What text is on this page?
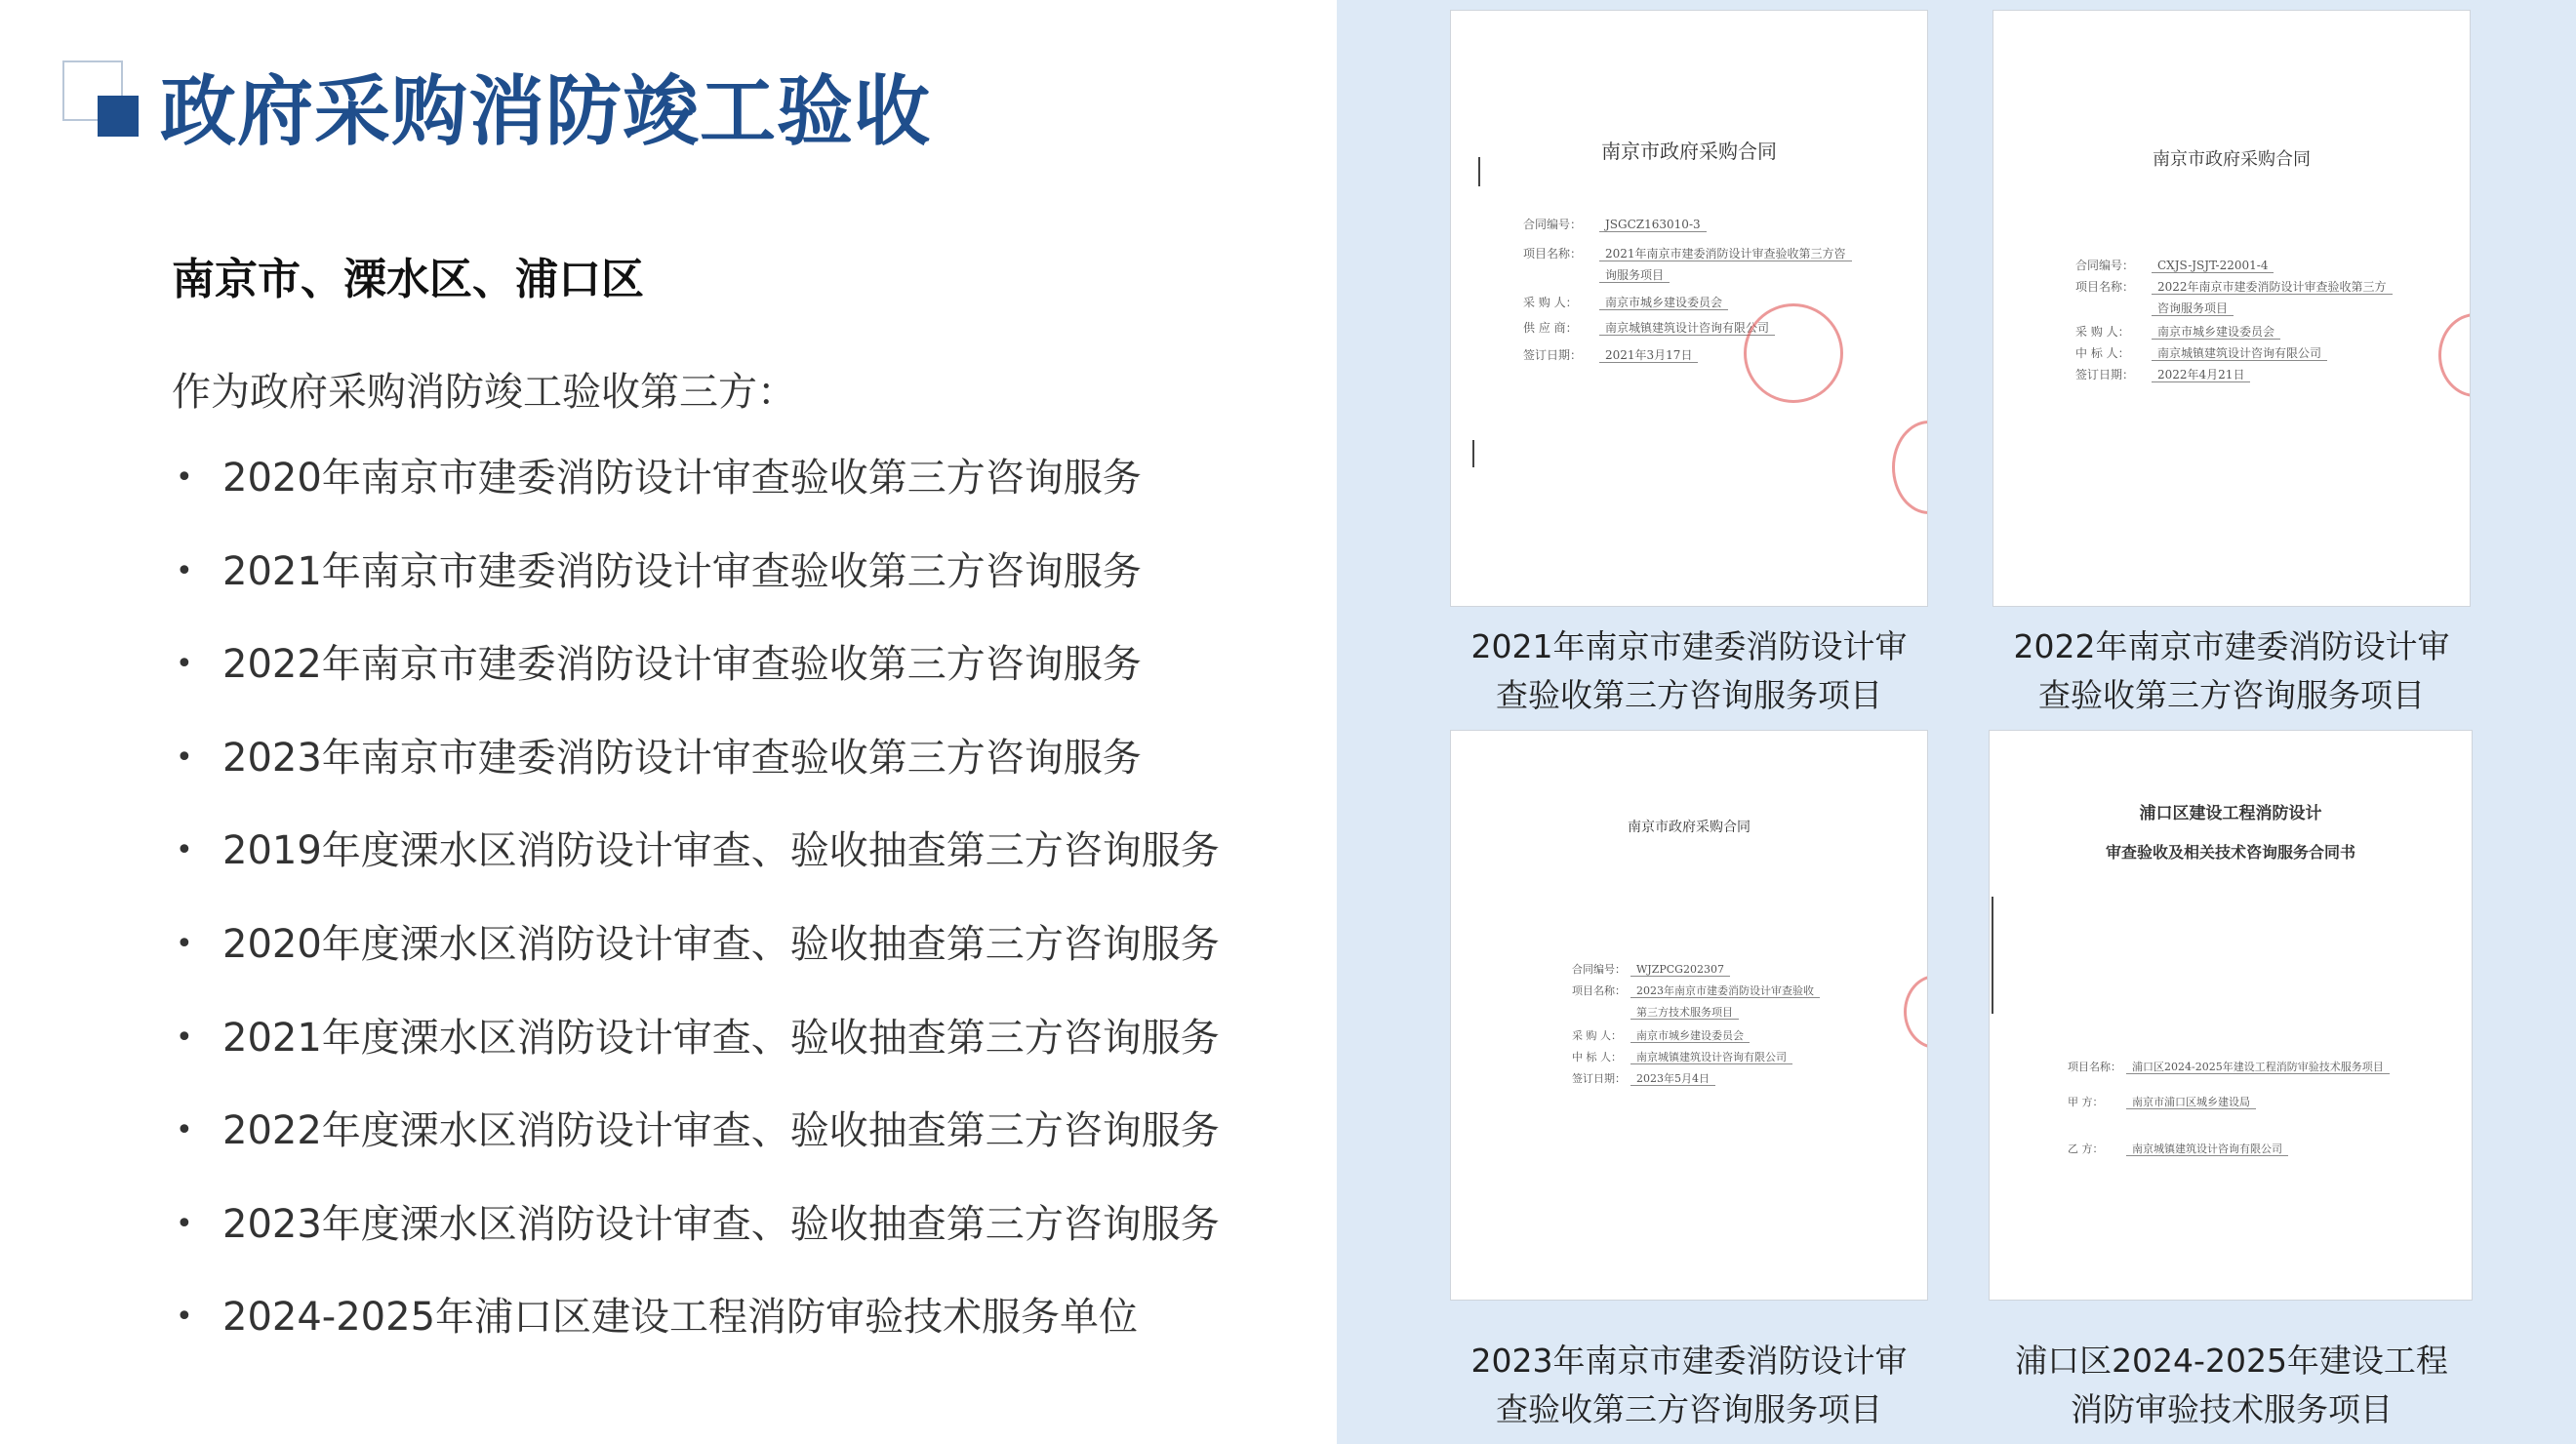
政府采购消防竣工验收
南京市、溧水区、浦口区
作为政府采购消防竣工验收第三方：
• 2020年南京市建委消防设计审查验收第三方咨询服务
• 2021年南京市建委消防设计审查验收第三方咨询服务
• 2022年南京市建委消防设计审查验收第三方咨询服务
• 2023年南京市建委消防设计审查验收第三方咨询服务
• 2019年度溧水区消防设计审查、验收抽查第三方咨询服务
• 2020年度溧水区消防设计审查、验收抽查第三方咨询服务
• 2021年度溧水区消防设计审查、验收抽查第三方咨询服务
• 2022年度溧水区消防设计审查、验收抽查第三方咨询服务
• 2023年度溧水区消防设计审查、验收抽查第三方咨询服务
• 2024-2025年浦口区建设工程消防审验技术服务单位
南京市政府采购合同
合同编号： JSGCZ163010-3
项目名称： 2021年南京市建委消防设计审查验收第三方咨
询服务项目
采 购 人： 南京市城乡建设委员会
供 应 商： 南京城镇建筑设计咨询有限公司
签订日期： 2021年3月17日
2021年南京市建委消防设计审
查验收第三方咨询服务项目
南京市政府采购合同
合同编号： CXJS-JSJT-22001-4
项目名称： 2022年南京市建委消防设计审查验收第三方
咨询服务项目
采 购 人： 南京市城乡建设委员会
中 标 人： 南京城镇建筑设计咨询有限公司
签订日期： 2022年4月21日
2022年南京市建委消防设计审
查验收第三方咨询服务项目
南京市政府采购合同
合同编号： WJZPCG202307
项目名称： 2023年南京市建委消防设计审查验收
第三方技术服务项目
采 购 人： 南京市城乡建设委员会
中 标 人： 南京城镇建筑设计咨询有限公司
签订日期： 2023年5月4日
2023年南京市建委消防设计审
查验收第三方咨询服务项目
浦口区建设工程消防设计
审查验收及相关技术咨询服务合同书
项目名称： 浦口区2024-2025年建设工程消防审验技术服务项目
甲 方：	南京市浦口区城乡建设局
乙 方：	南京城镇建筑设计咨询有限公司
浦口区2024-2025年建设工程
消防审验技术服务项目
